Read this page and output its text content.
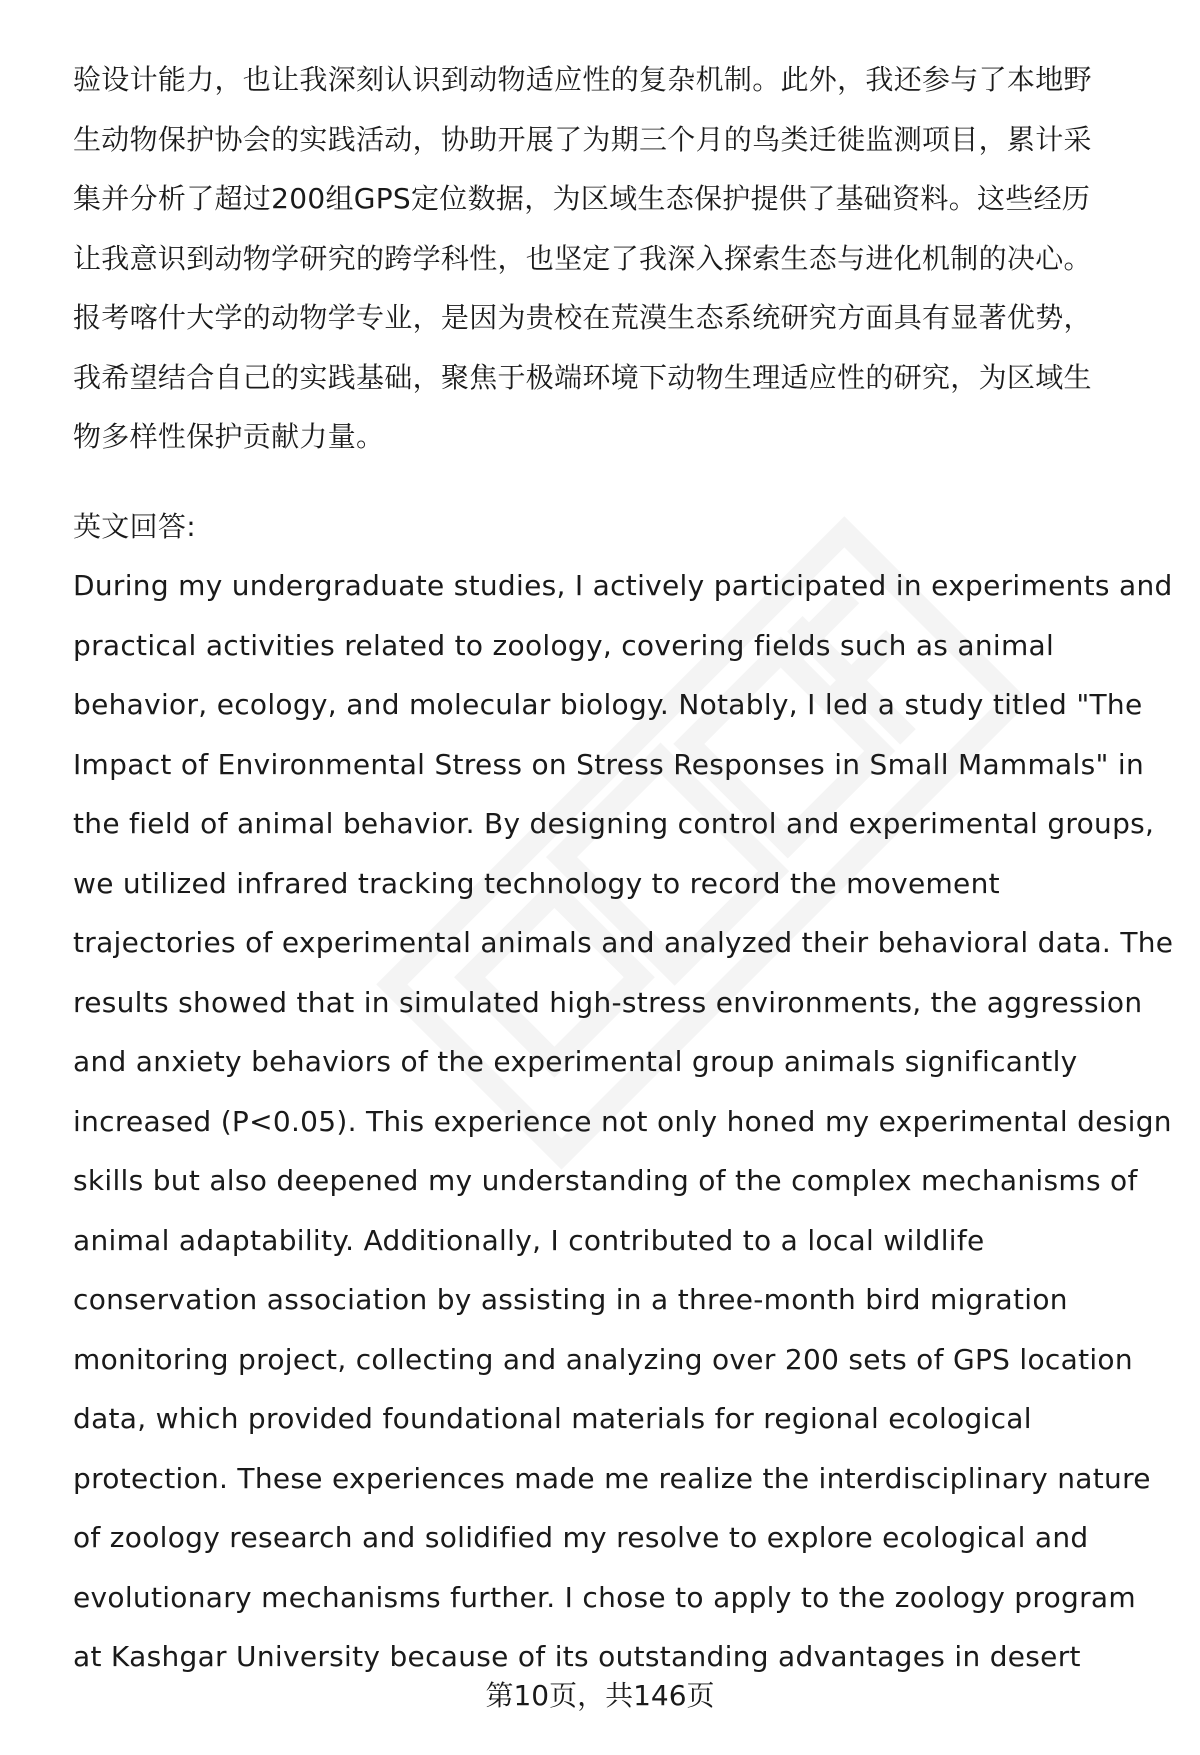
验设计能力，也让我深刻认识到动物适应性的复杂机制。此外，我还参与了本地野
生动物保护协会的实践活动，协助开展了为期三个月的鸟类迁徙监测项目，累计采
集并分析了超过200组GPS定位数据，为区域生态保护提供了基础资料。这些经历
让我意识到动物学研究的跨学科性，也坚定了我深入探索生态与进化机制的决心。
报考喀什大学的动物学专业，是因为贵校在荒漠生态系统研究方面具有显著优势，
我希望结合自己的实践基础，聚焦于极端环境下动物生理适应性的研究，为区域生
物多样性保护贡献力量。
英文回答:
During my undergraduate studies, I actively participated in experiments and
practical activities related to zoology, covering fields such as animal
behavior, ecology, and molecular biology. Notably, I led a study titled "The
Impact of Environmental Stress on Stress Responses in Small Mammals" in
the field of animal behavior. By designing control and experimental groups,
we utilized infrared tracking technology to record the movement
trajectories of experimental animals and analyzed their behavioral data. The
results showed that in simulated high-stress environments, the aggression
and anxiety behaviors of the experimental group animals significantly
increased (P<0.05). This experience not only honed my experimental design
skills but also deepened my understanding of the complex mechanisms of
animal adaptability. Additionally, I contributed to a local wildlife
conservation association by assisting in a three-month bird migration
monitoring project, collecting and analyzing over 200 sets of GPS location
data, which provided foundational materials for regional ecological
protection. These experiences made me realize the interdisciplinary nature
of zoology research and solidified my resolve to explore ecological and
evolutionary mechanisms further. I chose to apply to the zoology program
at Kashgar University because of its outstanding advantages in desert
第10页，共146页
